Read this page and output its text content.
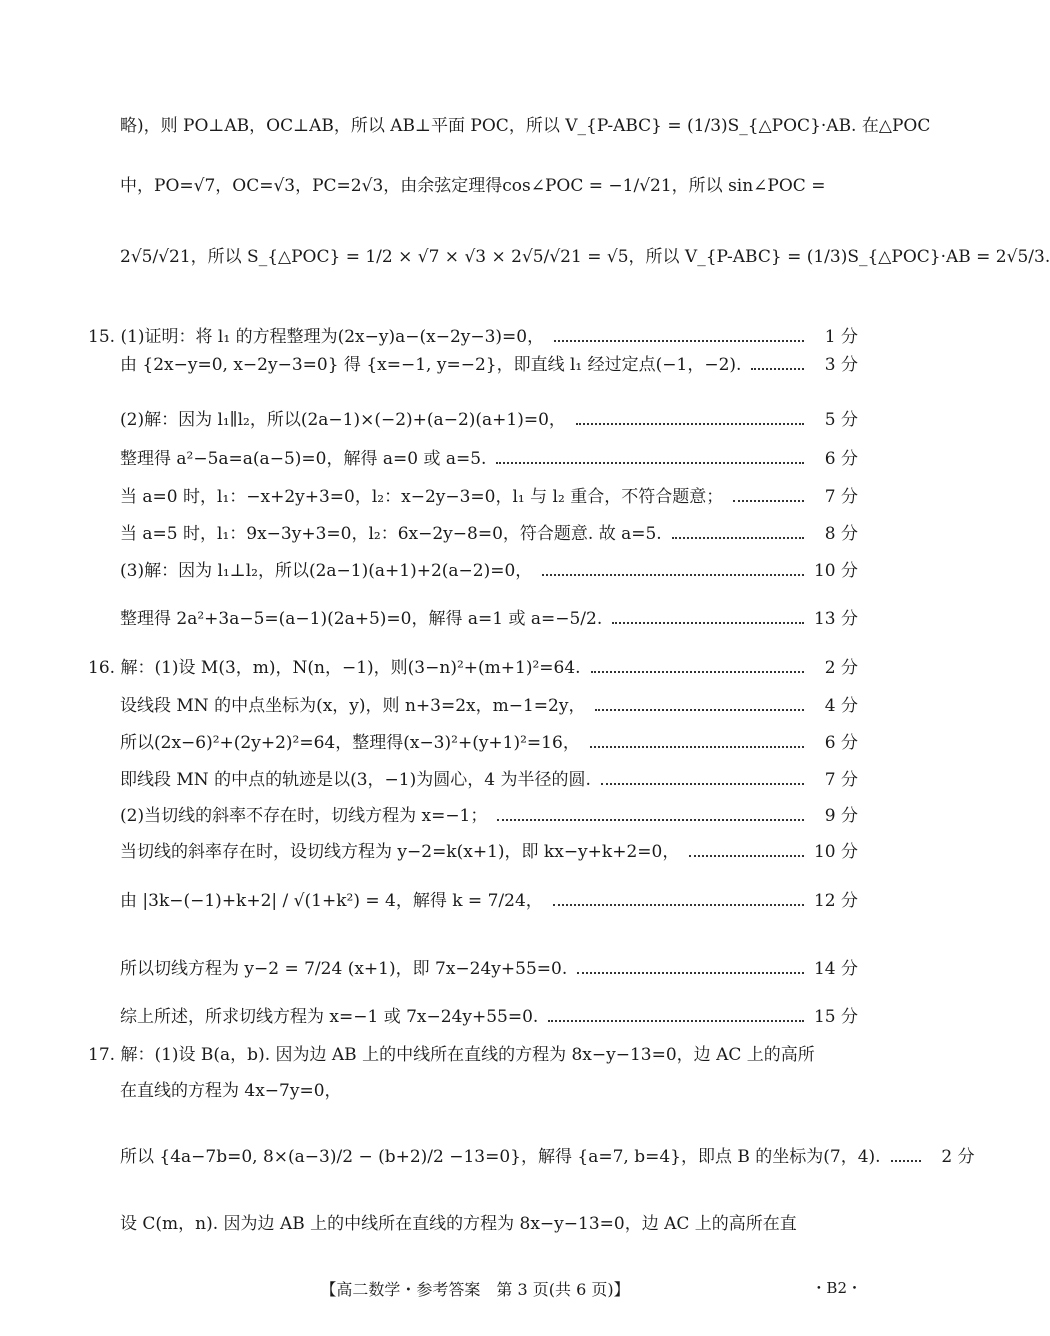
略)，则 PO⊥AB，OC⊥AB，所以 AB⊥平面 POC，所以 V_{P-ABC} = (1/3)S_{△POC}·AB. 在△POC
中，PO=√7，OC=√3，PC=2√3，由余弦定理得cos∠POC = −1/√21，所以 sin∠POC =
2√5/√21，所以 S_{△POC} = 1/2 × √7 × √3 × 2√5/√21 = √5，所以 V_{P-ABC} = (1/3)S_{△POC}·AB = 2√5/3.
15. (1)证明：将 l₁ 的方程整理为(2x−y)a−(x−2y−3)=0，	1 分
由 {2x−y=0, x−2y−3=0} 得 {x=−1, y=−2}，即直线 l₁ 经过定点(−1，−2).	3 分
(2)解：因为 l₁∥l₂，所以(2a−1)×(−2)+(a−2)(a+1)=0，	5 分
整理得 a²−5a=a(a−5)=0，解得 a=0 或 a=5.	6 分
当 a=0 时，l₁：−x+2y+3=0，l₂：x−2y−3=0，l₁ 与 l₂ 重合，不符合题意；	7 分
当 a=5 时，l₁：9x−3y+3=0，l₂：6x−2y−8=0，符合题意. 故 a=5.	8 分
(3)解：因为 l₁⊥l₂，所以(2a−1)(a+1)+2(a−2)=0，	10 分
整理得 2a²+3a−5=(a−1)(2a+5)=0，解得 a=1 或 a=−5/2.	13 分
16. 解：(1)设 M(3，m)，N(n，−1)，则(3−n)²+(m+1)²=64.	2 分
设线段 MN 的中点坐标为(x，y)，则 n+3=2x，m−1=2y，	4 分
所以(2x−6)²+(2y+2)²=64，整理得(x−3)²+(y+1)²=16，	6 分
即线段 MN 的中点的轨迹是以(3，−1)为圆心，4 为半径的圆.	7 分
(2)当切线的斜率不存在时，切线方程为 x=−1；	9 分
当切线的斜率存在时，设切线方程为 y−2=k(x+1)，即 kx−y+k+2=0，	10 分
由 |3k−(−1)+k+2| / √(1+k²) = 4，解得 k = 7/24，	12 分
所以切线方程为 y−2 = 7/24 (x+1)，即 7x−24y+55=0.	14 分
综上所述，所求切线方程为 x=−1 或 7x−24y+55=0.	15 分
17. 解：(1)设 B(a，b). 因为边 AB 上的中线所在直线的方程为 8x−y−13=0，边 AC 上的高所
在直线的方程为 4x−7y=0，
所以 {4a−7b=0, 8×(a−3)/2 − (b+2)/2 −13=0}，解得 {a=7, b=4}，即点 B 的坐标为(7，4).	2 分
设 C(m，n). 因为边 AB 上的中线所在直线的方程为 8x−y−13=0，边 AC 上的高所在直
【高二数学・参考答案　第 3 页(共 6 页)】	・B2・
